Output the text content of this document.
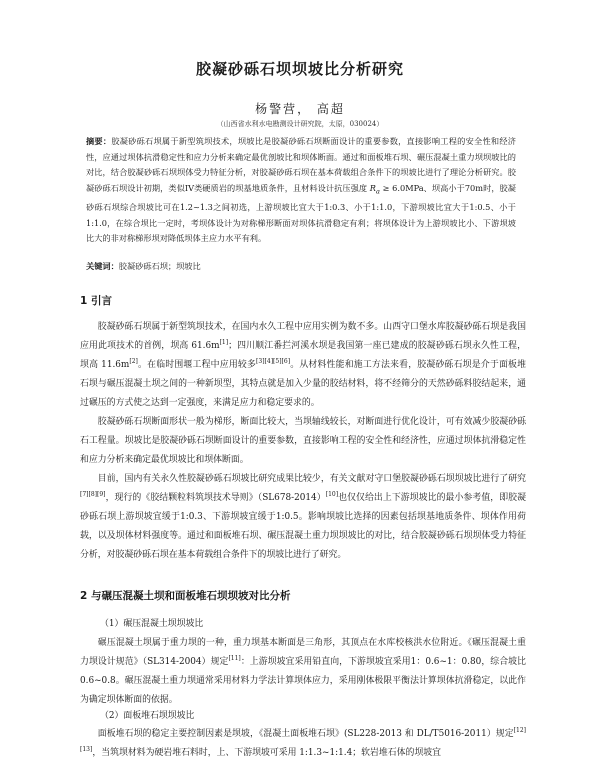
胶凝砂砾石坝坝坡比分析研究
杨警营， 高超
（山西省水利水电勘测设计研究院，太原，030024）
摘要：胶凝砂砾石坝属于新型筑坝技术，坝坡比是胶凝砂砾石坝断面设计的重要参数，直接影响工程的安全性和经济性，应通过坝体抗滑稳定性和应力分析来确定最优剖坡比和坝体断面。通过和面板堆石坝、碾压混凝土重力坝坝坡比的对比，结合胶凝砂砾石坝坝体受力特征分析，对胶凝砂砾石坝在基本荷载组合条件下的坝坡比进行了理论分析研究。胶凝砂砾石坝设计初期，类似IV类硬质岩的坝基地质条件，且材料设计抗压强度 $R_a \ge 6.0MPa$、坝高小于70m时，胶凝砂砾石坝综合坝坡比可在1.2~1.3之间初选，上游坝坡比宜大于1:0.3、小于1:1.0，下游坝坡比宜大于1:0.5、小于1:1.0，在综合坝比一定时，考坝体设计为对称梯形断面对坝体抗滑稳定有利；将坝体设计为上游坝坡比小、下游坝坡比大的非对称梯形坝对降低坝体主应力水平有利。
关键词：胶凝砂砾石坝；坝坡比
1 引言

胶凝砂砾石坝属于新型筑坝技术，在国内水久工程中应用实例为数不多。山西守口堡水库胶凝砂砾石坝是我国应用此项技术的首例，坝高 61.6m[1]；四川顺江番拦河溪水坝是我国第一座已建成的胶凝砂砾石坝永久性工程，坝高 11.6m[2]。在临时围堰工程中应用较多[3][4][5][6]。从材料性能和施工方法来看，胶凝砂砾石坝是介于面板堆石坝与碾压混凝土坝之间的一种新坝型，其特点就是加入少量的胶结材料，将不经筛分的天然砂砾料胶结起来，通过碾压的方式使之达到一定强度，来满足应力和稳定要求的。

胶凝砂砾石坝断面形状一般为梯形，断面比较大，当坝轴线较长，对断面进行优化设计，可有效减少胶凝砂砾石工程量。坝坡比是胶凝砂砾石坝断面设计的重要参数，直接影响工程的安全性和经济性，应通过坝体抗滑稳定性和应力分析来确定最优坝坡比和坝体断面。

目前，国内有关永久性胶凝砂砾石坝坡比研究成果比较少，有关文献对守口堡胶凝砂砾石坝坝坡比进行了研究[7][8][9]，现行的《胶结颗粒料筑坝技术导则》（SL678-2014）[10]也仅仅给出上下游坝坡比的最小参考值，即胶凝砂砾石坝上游坝坡宜缓于1:0.3、下游坝坡宜缓于1:0.5。影响坝坡比选择的因素包括坝基地质条件、坝体作用荷载，以及坝体材料强度等。通过和面板堆石坝、碾压混凝土重力坝坝坡比的对比，结合胶凝砂砾石坝坝体受力特征分析，对胶凝砂砾石坝在基本荷载组合条件下的坝坡比进行了研究。

2 与碾压混凝土坝和面板堆石坝坝坡对比分析
（1）碾压混凝土坝坝坡比

碾压混凝土坝属于重力坝的一种，重力坝基本断面是三角形，其顶点在水库校核洪水位附近。《碾压混凝土重力坝设计规范》（SL314-2004）规定[11]：上游坝坡宜采用铅直向，下游坝坡宜采用1：0.6~1：0.80，综合坡比 0.6~0.8。碾压混凝土重力坝通常采用材料力学法计算坝体应力，采用刚体极限平衡法计算坝体抗滑稳定，以此作为确定坝体断面的依据。

（2）面板堆石坝坝坡比

面板堆石坝的稳定主要控制因素是坝坡，《混凝土面板堆石坝》(SL228-2013 和 DL/T5016-2011）规定[12][13]，当筑坝材料为硬岩堆石料时，上、下游坝坡可采用 1:1.3~1:1.4；软岩堆石体的坝坡宜
